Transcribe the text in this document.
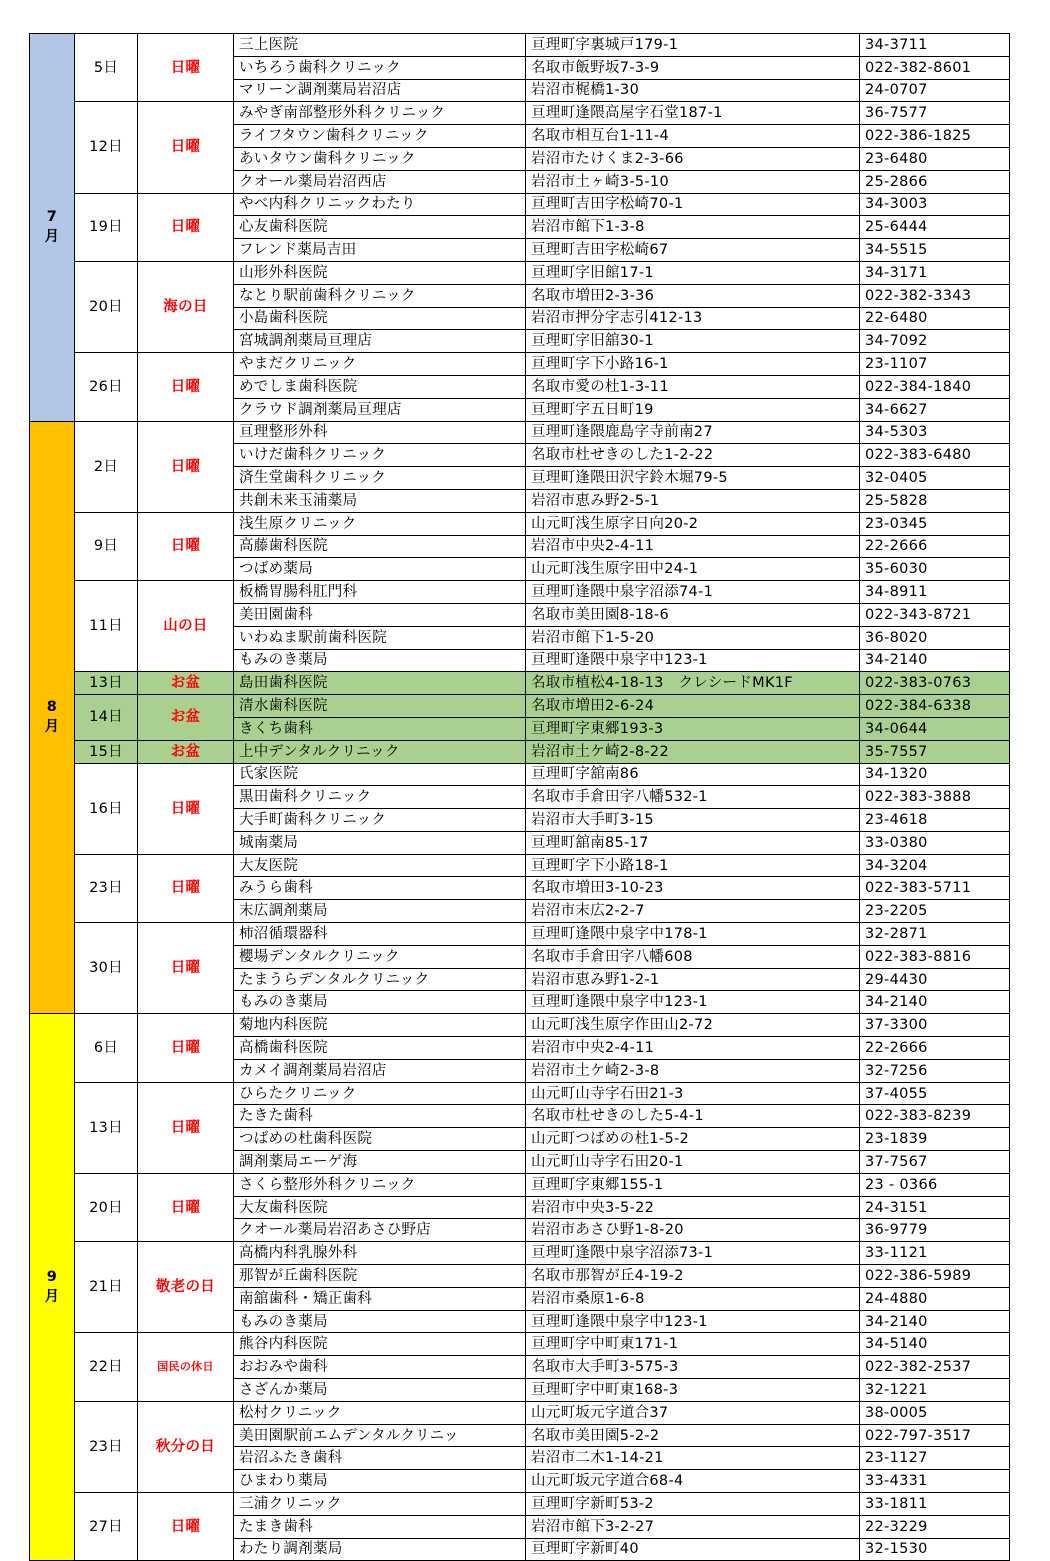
7
月	5日	日曜	三上医院	亘理町字裏城戸179-1	34-3711
			いちろう歯科クリニック	名取市飯野坂7-3-9	022-382-8601
			マリーン調剤薬局岩沼店	岩沼市梶橋1-30	24-0707
	12日	日曜	みやぎ南部整形外科クリニック	亘理町逢隈高屋字石堂187-1	36-7577
			ライフタウン歯科クリニック	名取市相互台1-11-4	022-386-1825
			あいタウン歯科クリニック	岩沼市たけくま2-3-66	23-6480
			クオール薬局岩沼西店	岩沼市土ヶ崎3-5-10	25-2866
	19日	日曜	やべ内科クリニックわたり	亘理町吉田字松崎70-1	34-3003
			心友歯科医院	岩沼市館下1-3-8	25-6444
			フレンド薬局吉田	亘理町吉田字松崎67	34-5515
	20日	海の日	山形外科医院	亘理町字旧館17-1	34-3171
			なとり駅前歯科クリニック	名取市増田2-3-36	022-382-3343
			小島歯科医院	岩沼市押分字志引412-13	22-6480
			宮城調剤薬局亘理店	亘理町字旧舘30-1	34-7092
	26日	日曜	やまだクリニック	亘理町字下小路16-1	23-1107
			めでしま歯科医院	名取市愛の杜1-3-11	022-384-1840
			クラウド調剤薬局亘理店	亘理町字五日町19	34-6627
8
月	2日	日曜	亘理整形外科	亘理町逢隈鹿島字寺前南27	34-5303
			いけだ歯科クリニック	名取市杜せきのした1-2-22	022-383-6480
			済生堂歯科クリニック	亘理町逢隈田沢字鈴木堀79-5	32-0405
			共創未来玉浦薬局	岩沼市恵み野2-5-1	25-5828
	9日	日曜	浅生原クリニック	山元町浅生原字日向20-2	23-0345
			高藤歯科医院	岩沼市中央2-4-11	22-2666
			つばめ薬局	山元町浅生原字田中24-1	35-6030
	11日	山の日	板橋胃腸科肛門科	亘理町逢隈中泉字沼添74-1	34-8911
			美田園歯科	名取市美田園8-18-6	022-343-8721
			いわぬま駅前歯科医院	岩沼市館下1-5-20	36-8020
			もみのき薬局	亘理町逢隈中泉字中123-1	34-2140
	13日	お盆	島田歯科医院	名取市植松4-18-13　クレシードMK1F	022-383-0763
	14日	お盆	清水歯科医院	名取市増田2-6-24	022-384-6338
			きくち歯科	亘理町字東郷193-3	34-0644
	15日	お盆	上中デンタルクリニック	岩沼市土ケ崎2-8-22	35-7557
	16日	日曜	氏家医院	亘理町字舘南86	34-1320
			黒田歯科クリニック	名取市手倉田字八幡532-1	022-383-3888
			大手町歯科クリニック	岩沼市大手町3-15	23-4618
			城南薬局	亘理町舘南85-17	33-0380
	23日	日曜	大友医院	亘理町字下小路18-1	34-3204
			みうら歯科	名取市増田3-10-23	022-383-5711
			末広調剤薬局	岩沼市末広2-2-7	23-2205
	30日	日曜	柿沼循環器科	亘理町逢隈中泉字中178-1	32-2871
			櫻場デンタルクリニック	名取市手倉田字八幡608	022-383-8816
			たまうらデンタルクリニック	岩沼市恵み野1-2-1	29-4430
			もみのき薬局	亘理町逢隈中泉字中123-1	34-2140
9
月	6日	日曜	菊地内科医院	山元町浅生原字作田山2-72	37-3300
			高橋歯科医院	岩沼市中央2-4-11	22-2666
			カメイ調剤薬局岩沼店	岩沼市土ケ崎2-3-8	32-7256
	13日	日曜	ひらたクリニック	山元町山寺字石田21-3	37-4055
			たきた歯科	名取市杜せきのした5-4-1	022-383-8239
			つばめの杜歯科医院	山元町つばめの杜1-5-2	23-1839
			調剤薬局エーゲ海	山元町山寺字石田20-1	37-7567
	20日	日曜	さくら整形外科クリニック	亘理町字東郷155-1	23 - 0366
			大友歯科医院	岩沼市中央3-5-22	24-3151
			クオール薬局岩沼あさひ野店	岩沼市あさひ野1-8-20	36-9779
	21日	敬老の日	高橋内科乳腺外科	亘理町逢隈中泉字沼添73-1	33-1121
			那智が丘歯科医院	名取市那智が丘4-19-2	022-386-5989
			南舘歯科・矯正歯科	岩沼市桑原1-6-8	24-4880
			もみのき薬局	亘理町逢隈中泉字中123-1	34-2140
	22日	国民の休日	熊谷内科医院	亘理町字中町東171-1	34-5140
			おおみや歯科	名取市大手町3-575-3	022-382-2537
			さざんか薬局	亘理町字中町東168-3	32-1221
	23日	秋分の日	松村クリニック	山元町坂元字道合37	38-0005
			美田園駅前エムデンタルクリニッ	名取市美田園5-2-2	022-797-3517
			岩沼ふたき歯科	岩沼市二木1-14-21	23-1127
			ひまわり薬局	山元町坂元字道合68-4	33-4331
	27日	日曜	三浦クリニック	亘理町字新町53-2	33-1811
			たまき歯科	岩沼市館下3-2-27	22-3229
			わたり調剤薬局	亘理町字新町40	32-1530
